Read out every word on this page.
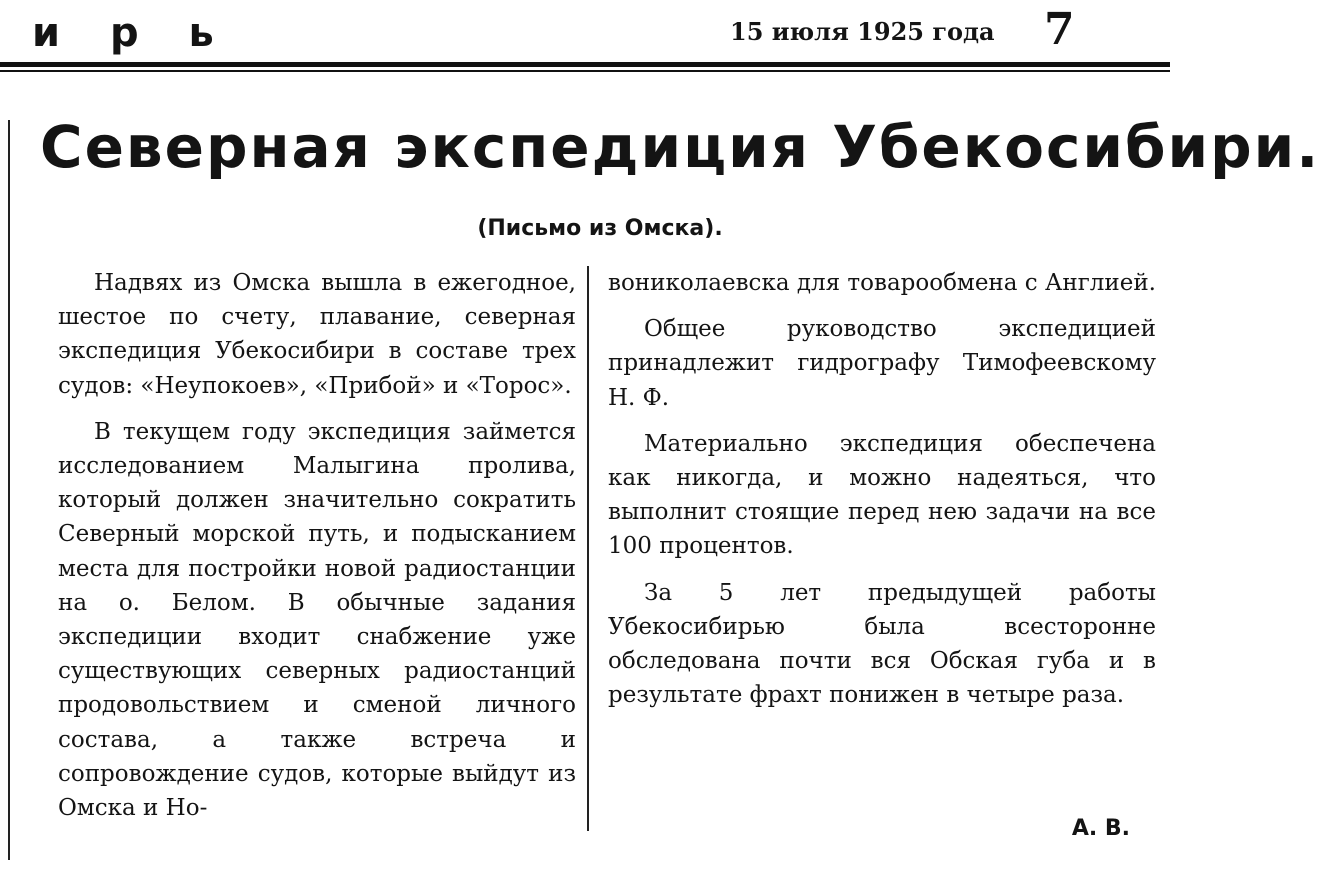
и р ь	15 июля 1925 года 7
Северная экспедиция Убекосибири.
(Письмо из Омска).

Надвях из Омска вышла в ежегодное, шестое по счету, плавание, северная экспедиция Убекосибири в составе трех судов: «Неупокоев», «Прибой» и «Торос».

В текущем году экспедиция займется исследованием Малыгина пролива, который должен значительно сократить Северный морской путь, и подысканием места для постройки новой радиостанции на о. Белом. В обычные задания экспедиции входит снабжение уже существующих северных радиостанций продовольствием и сменой личного состава, а также встреча и сопровождение судов, которые выйдут из Омска и Но-

вониколаевска для товарообмена с Англией.

Общее руководство экспедицией принадлежит гидрографу Тимофеевскому Н. Ф.

Материально экспедиция обеспечена как никогда, и можно надеяться, что выполнит стоящие перед нею задачи на все 100 процентов.

За 5 лет предыдущей работы Убекосибирью была всесторонне обследована почти вся Обская губа и в результате фрахт понижен в четыре раза.

А. В.
